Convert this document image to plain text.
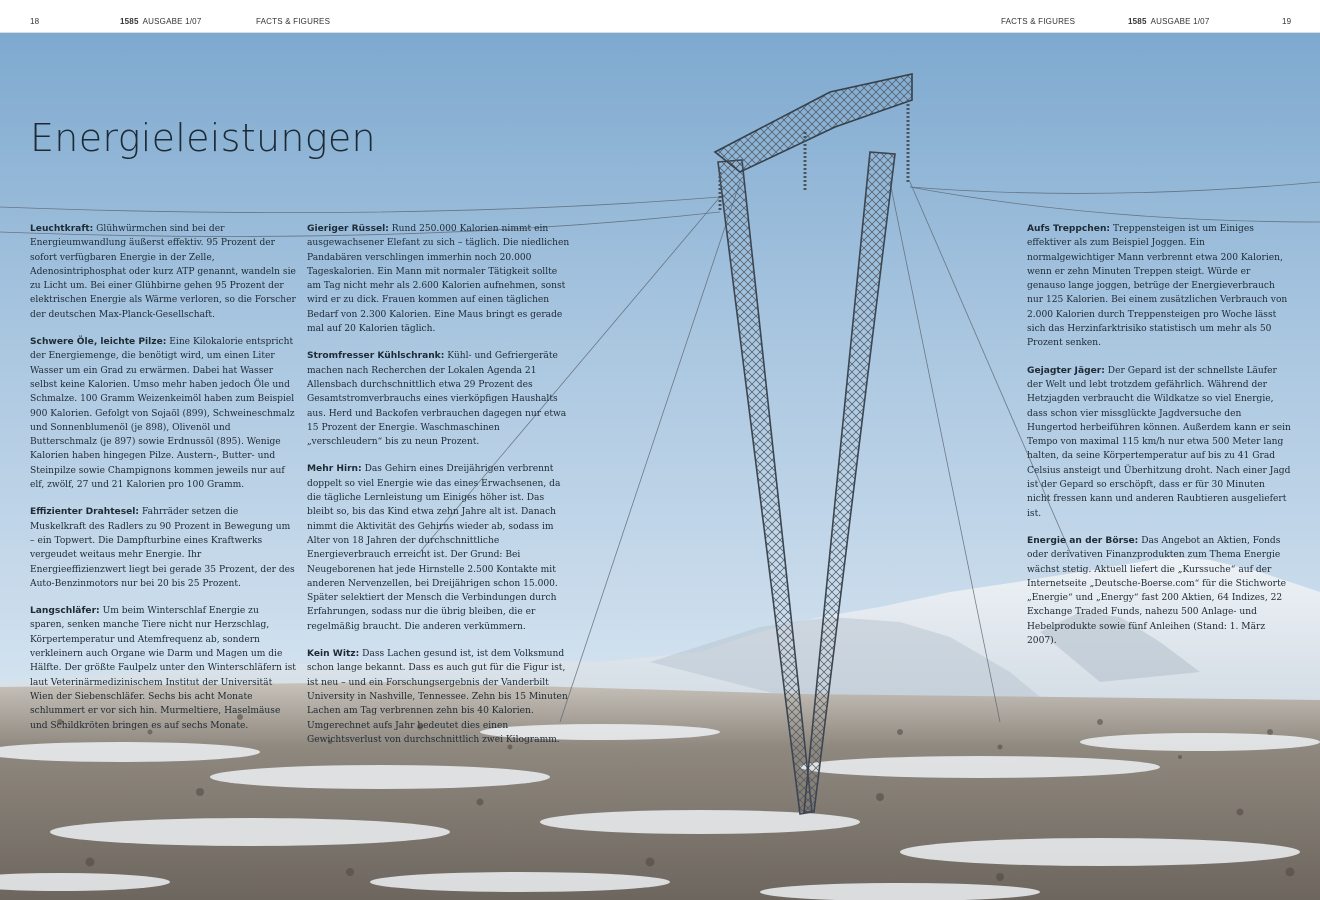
18	1585 AUSGABE 1/07	FACTS & FIGURES	FACTS & FIGURES	1585 AUSGABE 1/07	19
Energieleistungen

Leuchtkraft: Glühwürmchen sind bei der Energieumwandlung äußerst effektiv. 95 Prozent der sofort verfügbaren Energie in der Zelle, Adenosintriphosphat oder kurz ATP genannt, wandeln sie zu Licht um. Bei einer Glühbirne gehen 95 Prozent der elektrischen Energie als Wärme verloren, so die Forscher der deutschen Max-Planck-Gesellschaft.

Schwere Öle, leichte Pilze: Eine Kilokalorie entspricht der Energiemenge, die benötigt wird, um einen Liter Wasser um ein Grad zu erwärmen. Dabei hat Wasser selbst keine Kalorien. Umso mehr haben jedoch Öle und Schmalze. 100 Gramm Weizenkeimöl haben zum Beispiel 900 Kalorien. Gefolgt von Sojaöl (899), Schweineschmalz und Sonnenblumenöl (je 898), Olivenöl und Butterschmalz (je 897) sowie Erdnussöl (895). Wenige Kalorien haben hingegen Pilze. Austern-, Butter- und Steinpilze sowie Champignons kommen jeweils nur auf elf, zwölf, 27 und 21 Kalorien pro 100 Gramm.

Effizienter Drahtesel: Fahrräder setzen die Muskelkraft des Radlers zu 90 Prozent in Bewegung um – ein Topwert. Die Dampfturbine eines Kraftwerks vergeudet weitaus mehr Energie. Ihr Energieeffizienzwert liegt bei gerade 35 Prozent, der des Auto-Benzinmotors nur bei 20 bis 25 Prozent.

Langschläfer: Um beim Winterschlaf Energie zu sparen, senken manche Tiere nicht nur Herzschlag, Körpertemperatur und Atemfrequenz ab, sondern verkleinern auch Organe wie Darm und Magen um die Hälfte. Der größte Faulpelz unter den Winterschläfern ist laut Veterinärmedizinischem Institut der Universität Wien der Siebenschläfer. Sechs bis acht Monate schlummert er vor sich hin. Murmeltiere, Haselmäuse und Schildkröten bringen es auf sechs Monate.

Gieriger Rüssel: Rund 250.000 Kalorien nimmt ein ausgewachsener Elefant zu sich – täglich. Die niedlichen Pandabären verschlingen immerhin noch 20.000 Tageskalorien. Ein Mann mit normaler Tätigkeit sollte am Tag nicht mehr als 2.600 Kalorien aufnehmen, sonst wird er zu dick. Frauen kommen auf einen täglichen Bedarf von 2.300 Kalorien. Eine Maus bringt es gerade mal auf 20 Kalorien täglich.

Stromfresser Kühlschrank: Kühl- und Gefriergeräte machen nach Recherchen der Lokalen Agenda 21 Allensbach durchschnittlich etwa 29 Prozent des Gesamtstromverbrauchs eines vierköpfigen Haushalts aus. Herd und Backofen verbrauchen dagegen nur etwa 15 Prozent der Energie. Waschmaschinen „verschleudern“ bis zu neun Prozent.

Mehr Hirn: Das Gehirn eines Dreijährigen verbrennt doppelt so viel Energie wie das eines Erwachsenen, da die tägliche Lernleistung um Einiges höher ist. Das bleibt so, bis das Kind etwa zehn Jahre alt ist. Danach nimmt die Aktivität des Gehirns wieder ab, sodass im Alter von 18 Jahren der durchschnittliche Energieverbrauch erreicht ist. Der Grund: Bei Neugeborenen hat jede Hirnstelle 2.500 Kontakte mit anderen Nervenzellen, bei Dreijährigen schon 15.000. Später selektiert der Mensch die Verbindungen durch Erfahrungen, sodass nur die übrig bleiben, die er regelmäßig braucht. Die anderen verkümmern.

Kein Witz: Dass Lachen gesund ist, ist dem Volksmund schon lange bekannt. Dass es auch gut für die Figur ist, ist neu – und ein Forschungsergebnis der Vanderbilt University in Nashville, Tennessee. Zehn bis 15 Minuten Lachen am Tag verbrennen zehn bis 40 Kalorien. Umgerechnet aufs Jahr bedeutet dies einen Gewichtsverlust von durchschnittlich zwei Kilogramm.

Aufs Treppchen: Treppensteigen ist um Einiges effektiver als zum Beispiel Joggen. Ein normalgewichtiger Mann verbrennt etwa 200 Kalorien, wenn er zehn Minuten Treppen steigt. Würde er genauso lange joggen, betrüge der Energieverbrauch nur 125 Kalorien. Bei einem zusätzlichen Verbrauch von 2.000 Kalorien durch Treppensteigen pro Woche lässt sich das Herzinfarktrisiko statistisch um mehr als 50 Prozent senken.

Gejagter Jäger: Der Gepard ist der schnellste Läufer der Welt und lebt trotzdem gefährlich. Während der Hetzjagden verbraucht die Wildkatze so viel Energie, dass schon vier missglückte Jagdversuche den Hungertod herbeiführen können. Außerdem kann er sein Tempo von maximal 115 km/h nur etwa 500 Meter lang halten, da seine Körpertemperatur auf bis zu 41 Grad Celsius ansteigt und Überhitzung droht. Nach einer Jagd ist der Gepard so erschöpft, dass er für 30 Minuten nicht fressen kann und anderen Raubtieren ausgeliefert ist.

Energie an der Börse: Das Angebot an Aktien, Fonds oder derivativen Finanzprodukten zum Thema Energie wächst stetig. Aktuell liefert die „Kurssuche“ auf der Internetseite „Deutsche-Boerse.com“ für die Stichworte „Energie“ und „Energy“ fast 200 Aktien, 64 Indizes, 22 Exchange Traded Funds, nahezu 500 Anlage- und Hebelprodukte sowie fünf Anleihen (Stand: 1. März 2007).
